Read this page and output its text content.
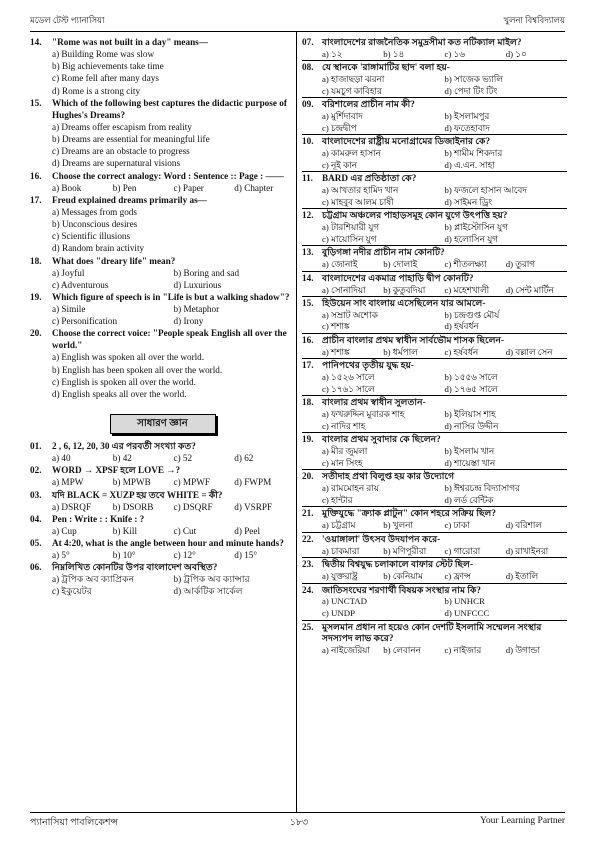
মডেল টেস্ট প্যানাসিয়া	খুলনা বিশ্ববিদ্যালয়
14.	"Rome was not built in a day" means—
a) Building Rome was slow
b) Big achievements take time
c) Rome fell after many days
d) Rome is a strong city
15.	Which of the following best captures the didactic purpose of Hughes's Dreams?
a) Dreams offer escapism from reality
b) Dreams are essential for meaningful life
c) Dreams are an obstacle to progress
d) Dreams are supernatural visions
16.	Choose the correct analogy: Word : Sentence :: Page : ——
a) Book	b) Pen	c) Paper	d) Chapter
17.	Freud explained dreams primarily as—
a) Messages from gods
b) Unconscious desires
c) Scientific illusions
d) Random brain activity
18.	What does "dreary life" mean?
a) Joyful	b) Boring and sad
c) Adventurous	d) Luxurious
19.	Which figure of speech is in "Life is but a walking shadow"?
a) Simile	b) Metaphor
c) Personification	d) Irony
20.	Choose the correct voice: "People speak English all over the world."
a) English was spoken all over the world.
b) English has been spoken all over the world.
c) English is spoken all over the world.
d) English speaks all over the world.
সাধারণ জ্ঞান
01.	2 , 6, 12, 20, 30 এর পরবর্তী সংখ্যা কত?
a) 40	b) 42	c) 52	d) 62
02.	WORD → XPSF হলে LOVE →?
a) MPW	b) MPWB	c) MPWF	d) FWPM
03.	যদি BLACK = XUZP হয় তবে WHITE = কী?
a) DSRQF	b) DSORB	c) DSQRF	d) VSRPF
04.	Pen : Write : : Knife : ?
a) Cup	b) Kill	c) Cut	d) Peel
05.	At 4:20, what is the angle between hour and minute hands?
a) 5°	b) 10°	c) 12°	d) 15°
06.	নিম্নলিখিত কোনটির উপর বাংলাদেশ অবস্থিত?
a) ট্রপিক অব ক্যাপ্রিকন	b) ট্রপিক অব ক্যান্সার
c) ইকুয়েটর	d) আর্কটিক সার্কেল
07. বাংলাদেশের রাজনৈতিক সমুদ্রসীমা কত নটিক্যাল মাইল?
a) ১২	b) ১৪	c) ১৬	d) ১০
08. যে স্থানকে 'রাঙ্গামাটির ছাদ' বলা হয়-
a) হাজাছড়া ঝরনা	b) সাজেক ভ্যালি
c) যমচুগ কাবিহার	d) পেদা টিং টিং
09. বরিশালের প্রাচীন নাম কী?
a) মুর্শিদাবাদ	b) ইসলামপুর
c) চন্দ্রদ্বীপ	d) ফতেহাবাদ
10. বাংলাদেশের রাষ্ট্রীয় মনোগ্রামের ডিজাইনার কে?
a) কামরুল হাসান	b) শামীম শিকদার
c) নূই কান	d) এ.এন. সাহা
11. BARD এর প্রতিষ্ঠাতা কে?
a) আখতার হামিদ খান	b) ফজলে হাসান আবেদ
c) মাহবুব আলম চাষী	d) সাইমন ড্রিং
12. চট্টগ্রাম অঞ্চলের পাহাড়সমূহ কোন যুগে উৎপত্তি হয়?
a) টারশিয়ারী যুগ	b) প্লাইস্টোসিন যুগ
c) মায়োসিন যুগ	d) হলোসিন যুগ
13. বুড়িগঙ্গা নদীর প্রাচীন নাম কোনটি?
a) জোনাই	b) দোলাই	c) শীতলক্ষ্যা	d) তুরাগ
14. বাংলাদেশের একমাত্র পাহাড়ি দ্বীপ কোনটি?
a) সোনাদিয়া	b) কুতুবদিয়া	c) মহেশখালী	d) সেন্ট মার্টিন
15. হিউয়েন সাং বাংলায় এসেছিলেন যার আমলে-
a) সম্রাট অশোক	b) চন্দ্রগুপ্ত মৌর্য
c) শশাঙ্ক	d) হর্ষবর্ধন
16. প্রাচীন বাংলার প্রথম স্বাধীন সার্বভৌম শাসক ছিলেন-
a) শশাঙ্ক	b) ধর্মপাল	c) হর্ষবর্ধন	d) বল্লাল সেন
17. পানিপথের তৃতীয় যুদ্ধ হয়-
a) ১৫২৬ সালে	b) ১৫৫৬ সালে
c) ১৭৬১ সালে	d) ১৭৬৫ সালে
18. বাংলার প্রথম স্বাধীন সুলতান-
a) ফখরুদ্দিন মুবারক শাহ	b) ইলিয়াস শাহ
c) নাদির শাহ	d) নাসির উদ্দীন
19. বাংলার প্রথম সুবাদার কে ছিলেন?
a) মীর জুমলা	b) ইসলাম খান
c) মান সিংহ	d) শায়েস্তা খান
20. সতীদাহ প্রথা বিলুপ্ত হয় কার উদ্যোগে
a) রামমোহন রায়	b) ঈশ্বরচন্দ্র বিদ্যাসাগর
c) হান্টার	d) লর্ড বেন্টিক
21. মুক্তিযুদ্ধে "ক্র্যাক প্লাটুন" কোন শহরে সক্রিয় ছিল?
a) চট্টগ্রাম	b) খুলনা	c) ঢাকা	d) বরিশাল
22. 'ওয়াঙ্গালা' উৎসব উদযাপন করে-
a) চাকমারা	b) মণিপুরীরা	c) গারোরা	d) রাখাইনরা
23. দ্বিতীয় বিশ্বযুদ্ধ চলাকালে বাফার স্টেট ছিল-
a) যুক্তরাষ্ট্র	b) কেনিয়াম	c) ফ্রান্স	d) ইতালি
24. জাতিসংঘের শরণার্থী বিষয়ক সংস্থার নাম কি?
a) UNCTAD	b) UNHCR
c) UNDP	d) UNFCCC
25. মুসলমান প্রধান না হয়েও কোন দেশটি ইসলামি সম্মেলন সংস্থার সদস্যপদ লাভ করে?
a) নাইজেরিয়া	b) লেবানন	c) নাইজার	d) উগান্ডা
প্যানাসিয়া পাবলিকেশন্স	১৮৩	Your Learning Partner
